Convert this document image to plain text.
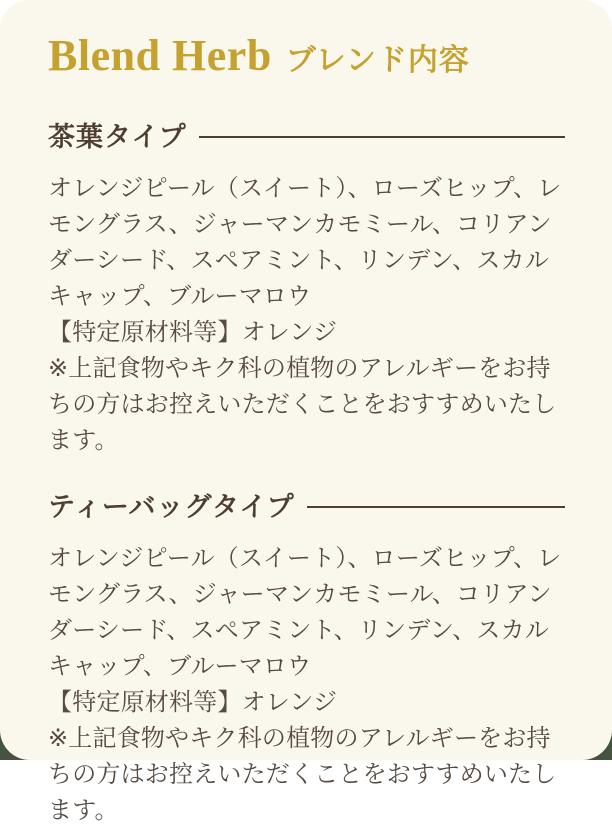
Blend Herb ブレンド内容
茶葉タイプ

オレンジピール（スイート）、ローズヒップ、レモングラス、ジャーマンカモミール、コリアンダーシード、スペアミント、リンデン、スカルキャップ、ブルーマロウ

【特定原材料等】オレンジ

※上記食物やキク科の植物のアレルギーをお持ちの方はお控えいただくことをおすすめいたします。

ティーバッグタイプ

オレンジピール（スイート）、ローズヒップ、レモングラス、ジャーマンカモミール、コリアンダーシード、スペアミント、リンデン、スカルキャップ、ブルーマロウ

【特定原材料等】オレンジ

※上記食物やキク科の植物のアレルギーをお持ちの方はお控えいただくことをおすすめいたします。
